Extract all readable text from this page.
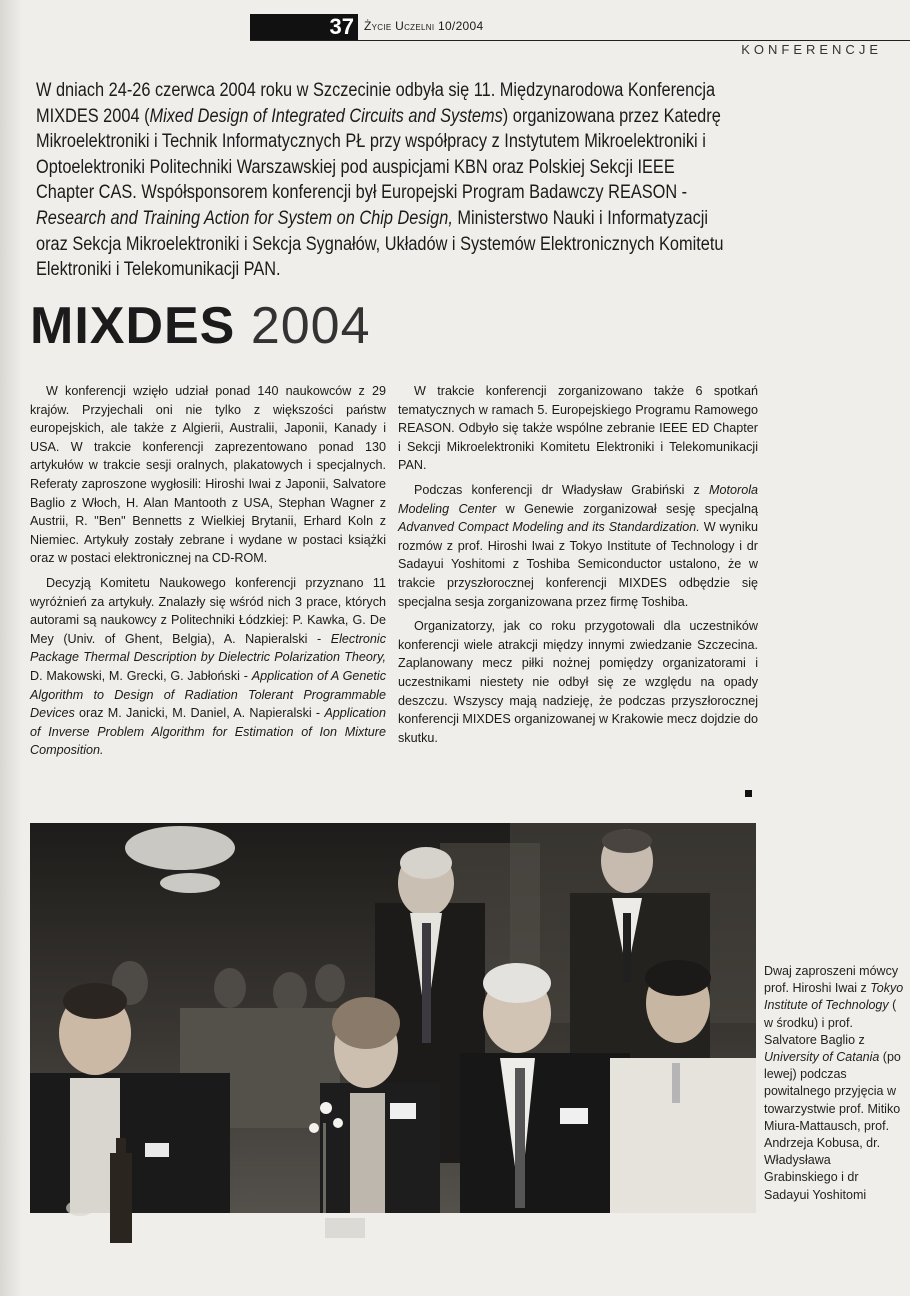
37 Życie Uczelni 10/2004
KONFERENCJE
W dniach 24-26 czerwca 2004 roku w Szczecinie odbyła się 11. Międzynarodowa Konferencja MIXDES 2004 (Mixed Design of Integrated Circuits and Systems) organizowana przez Katedrę Mikroelektroniki i Technik Informatycznych PŁ przy współpracy z Instytutem Mikroelektroniki i Optoelektroniki Politechniki Warszawskiej pod auspicjami KBN oraz Polskiej Sekcji IEEE Chapter CAS. Współsponsorem konferencji był Europejski Program Badawczy REASON - Research and Training Action for System on Chip Design, Ministerstwo Nauki i Informatyzacji oraz Sekcja Mikroelektroniki i Sekcja Sygnałów, Układów i Systemów Elektronicznych Komitetu Elektroniki i Telekomunikacji PAN.
MIXDES 2004

W konferencji wzięło udział ponad 140 naukowców z 29 krajów. Przyjechali oni nie tylko z większości państw europejskich, ale także z Algierii, Australii, Japonii, Kanady i USA. W trakcie konferencji zaprezentowano ponad 130 artykułów w trakcie sesji oralnych, plakatowych i specjalnych. Referaty zaproszone wygłosili: Hiroshi Iwai z Japonii, Salvatore Baglio z Włoch, H. Alan Mantooth z USA, Stephan Wagner z Austrii, R. "Ben" Bennetts z Wielkiej Brytanii, Erhard Koln z Niemiec. Artykuły zostały zebrane i wydane w postaci książki oraz w postaci elektronicznej na CD-ROM.

Decyzją Komitetu Naukowego konferencji przyznano 11 wyróżnień za artykuły. Znalazły się wśród nich 3 prace, których autorami są naukowcy z Politechniki Łódzkiej: P. Kawka, G. De Mey (Univ. of Ghent, Belgia), A. Napieralski - Electronic Package Thermal Description by Dielectric Polarization Theory, D. Makowski, M. Grecki, G. Jabłoński - Application of A Genetic Algorithm to Design of Radiation Tolerant Programmable Devices oraz M. Janicki, M. Daniel, A. Napieralski - Application of Inverse Problem Algorithm for Estimation of Ion Mixture Composition.

W trakcie konferencji zorganizowano także 6 spotkań tematycznych w ramach 5. Europejskiego Programu Ramowego REASON. Odbyło się także wspólne zebranie IEEE ED Chapter i Sekcji Mikroelektroniki Komitetu Elektroniki i Telekomunikacji PAN.

Podczas konferencji dr Władysław Grabiński z Motorola Modeling Center w Genewie zorganizował sesję specjalną Advanved Compact Modeling and its Standardization. W wyniku rozmów z prof. Hiroshi Iwai z Tokyo Institute of Technology i dr Sadayui Yoshitomi z Toshiba Semiconductor ustalono, że w trakcie przyszłorocznej konferencji MIXDES odbędzie się specjalna sesja zorganizowana przez firmę Toshiba.

Organizatorzy, jak co roku przygotowali dla uczestników konferencji wiele atrakcji między innymi zwiedzanie Szczecina. Zaplanowany mecz piłki nożnej pomiędzy organizatorami i uczestnikami niestety nie odbył się ze względu na opady deszczu. Wszyscy mają nadzieję, że podczas przyszłorocznej konferencji MIXDES organizowanej w Krakowie mecz dojdzie do skutku.

Dwaj zaproszeni mówcy prof. Hiroshi Iwai z Tokyo Institute of Technology ( w środku) i prof. Salvatore Baglio z University of Catania (po lewej) podczas powitalnego przyjęcia w towarzystwie prof. Mitiko Miura-Mattausch, prof. Andrzeja Kobusa, dr. Władysława Grabinskiego i dr Sadayui Yoshitomi
